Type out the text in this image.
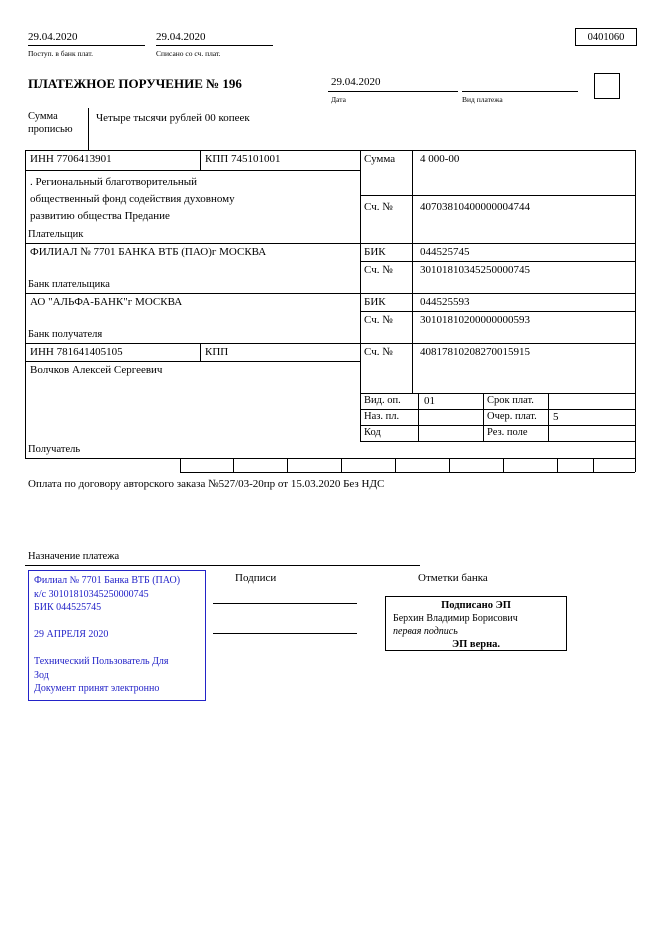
29.04.2020
Поступ. в банк плат.
29.04.2020
Списано со сч. плат.
0401060
ПЛАТЕЖНОЕ ПОРУЧЕНИЕ № 196	29.04.2020
Дата	Вид платежа
Сумма прописью
Четыре тысячи рублей 00 копеек
ИНН 7706413901	КПП 745101001	Сумма 4 000-00
. Региональный благотворительный
общественный фонд содействия духовному
развитию общества Предание
Сч. № 40703810400000004744
Плательщик
ФИЛИАЛ № 7701 БАНКА ВТБ (ПАО)г МОСКВА	БИК	044525745
Сч. № 30101810345250000745
Банк плательщика
АО "АЛЬФА-БАНК"г МОСКВА	БИК	044525593
Сч. № 30101810200000000593
Банк получателя
ИНН 781641405105	КПП	Сч. № 40817810208270015915
Волчков Алексей Сергеевич
Получатель
Вид. оп. 01	Срок плат.
Наз. пл.	Очер. плат. 5
Код	Рез. поле
Оплата по договору авторского заказа №527/03-20пр от 15.03.2020 Без НДС
Назначение платежа
Филиал № 7701 Банка ВТБ (ПАО)
к/с 30101810345250000745
БИК 044525745
29 АПРЕЛЯ 2020
Технический Пользователь Для
Зод
Документ принят электронно
Подписи	Отметки банка
Подписано ЭП
Берхин Владимир Борисович
первая подпись
ЭП верна.
